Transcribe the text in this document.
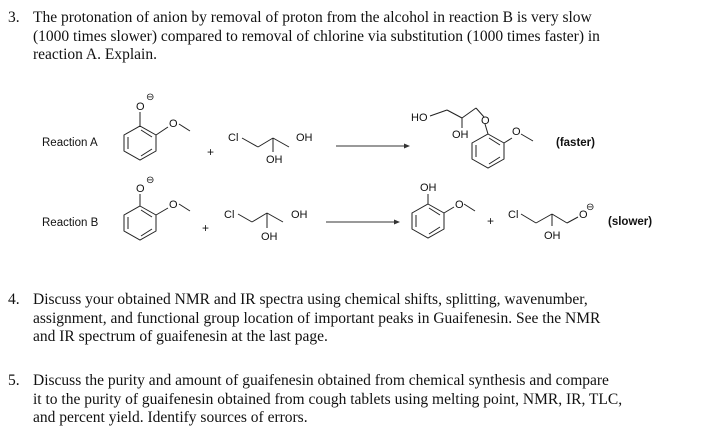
3. The protonation of anion by removal of proton from the alcohol in reaction B is very slow
(1000 times slower) compared to removal of chlorine via substitution (1000 times faster) in
reaction A. Explain.
Reaction A
O
⊖
O
+
Cl	OH
OH
HO
OH
O
O
(faster)
Reaction B
O
⊖
O
+
Cl	OH
OH
OH
O
+ Cl	O
⊖
OH
(slower)
4. Discuss your obtained NMR and IR spectra using chemical shifts, splitting, wavenumber,
assignment, and functional group location of important peaks in Guaifenesin. See the NMR
and IR spectrum of guaifenesin at the last page.
5. Discuss the purity and amount of guaifenesin obtained from chemical synthesis and compare
it to the purity of guaifenesin obtained from cough tablets using melting point, NMR, IR, TLC,
and percent yield. Identify sources of errors.
